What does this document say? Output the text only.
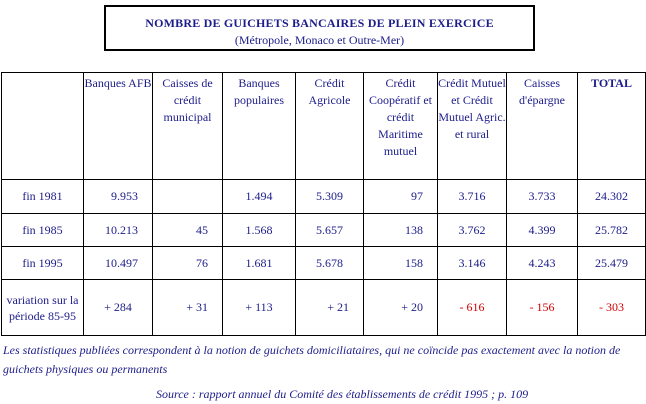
NOMBRE DE GUICHETS BANCAIRES DE PLEIN EXERCICE
(Métropole, Monaco et Outre-Mer)
	Banques AFB	Caisses de crédit municipal	Banques populaires	Crédit Agricole	Crédit Coopératif et crédit Maritime mutuel	Crédit Mutuel et Crédit Mutuel Agric. et rural	Caisses d'épargne	TOTAL
fin 1981	9.953		1.494	5.309	97	3.716	3.733	24.302
fin 1985	10.213	45	1.568	5.657	138	3.762	4.399	25.782
fin 1995	10.497	76	1.681	5.678	158	3.146	4.243	25.479
variation sur la période 85-95	+ 284	+ 31	+ 113	+ 21	+ 20	- 616	- 156	- 303
Les statistiques publiées correspondent à la notion de guichets domiciliataires, qui ne coïncide pas exactement avec la notion de guichets physiques ou permanents
Source : rapport annuel du Comité des établissements de crédit 1995 ; p. 109
